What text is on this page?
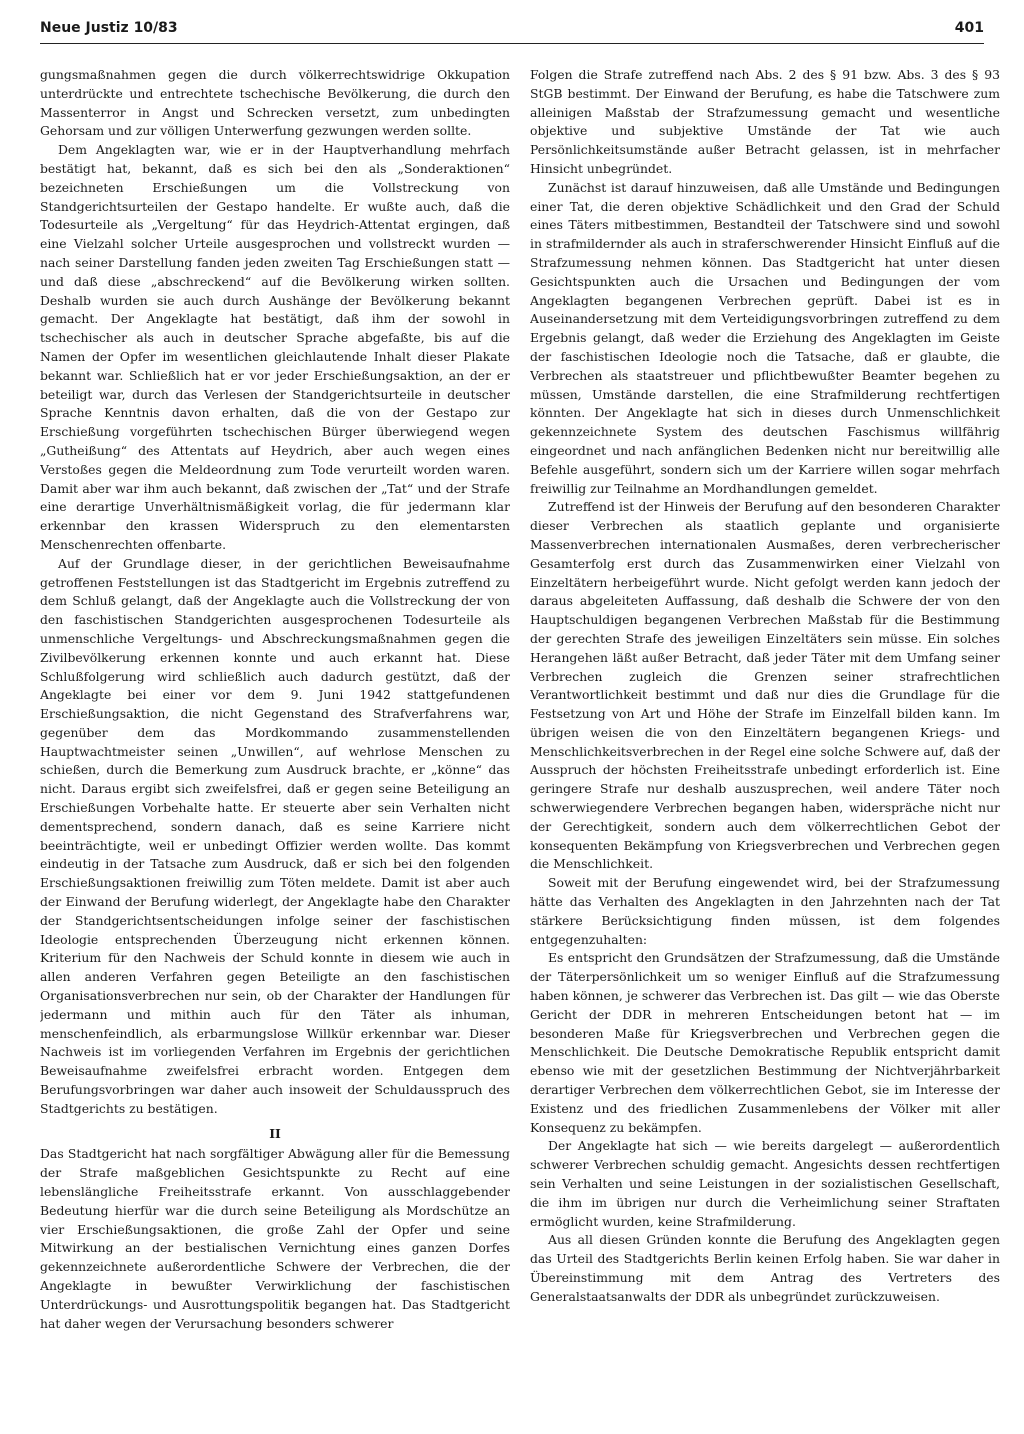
Neue Justiz 10/83	401

gungsmaßnahmen gegen die durch völkerrechtswidrige Okkupation unterdrückte und entrechtete tschechische Bevölkerung, die durch den Massenterror in Angst und Schrecken versetzt, zum unbedingten Gehorsam und zur völligen Unterwerfung gezwungen werden sollte.

Dem Angeklagten war, wie er in der Hauptverhandlung mehrfach bestätigt hat, bekannt, daß es sich bei den als „Sonderaktionen“ bezeichneten Erschießungen um die Vollstreckung von Standgerichtsurteilen der Gestapo handelte. Er wußte auch, daß die Todesurteile als „Vergeltung“ für das Heydrich-Attentat ergingen, daß eine Vielzahl solcher Urteile ausgesprochen und vollstreckt wurden — nach seiner Darstellung fanden jeden zweiten Tag Erschießungen statt — und daß diese „abschreckend“ auf die Bevölkerung wirken sollten. Deshalb wurden sie auch durch Aushänge der Bevölkerung bekannt gemacht. Der Angeklagte hat bestätigt, daß ihm der sowohl in tschechischer als auch in deutscher Sprache abgefaßte, bis auf die Namen der Opfer im wesentlichen gleichlautende Inhalt dieser Plakate bekannt war. Schließlich hat er vor jeder Erschießungsaktion, an der er beteiligt war, durch das Verlesen der Standgerichtsurteile in deutscher Sprache Kenntnis davon erhalten, daß die von der Gestapo zur Erschießung vorgeführten tschechischen Bürger überwiegend wegen „Gutheißung“ des Attentats auf Heydrich, aber auch wegen eines Verstoßes gegen die Meldeordnung zum Tode verurteilt worden waren. Damit aber war ihm auch bekannt, daß zwischen der „Tat“ und der Strafe eine derartige Unverhältnismäßigkeit vorlag, die für jedermann klar erkennbar den krassen Widerspruch zu den elementarsten Menschenrechten offenbarte.

Auf der Grundlage dieser, in der gerichtlichen Beweisaufnahme getroffenen Feststellungen ist das Stadtgericht im Ergebnis zutreffend zu dem Schluß gelangt, daß der Angeklagte auch die Vollstreckung der von den faschistischen Standgerichten ausgesprochenen Todesurteile als unmenschliche Vergeltungs- und Abschreckungsmaßnahmen gegen die Zivilbevölkerung erkennen konnte und auch erkannt hat. Diese Schlußfolgerung wird schließlich auch dadurch gestützt, daß der Angeklagte bei einer vor dem 9. Juni 1942 stattgefundenen Erschießungsaktion, die nicht Gegenstand des Strafverfahrens war, gegenüber dem das Mordkommando zusammenstellenden Hauptwachtmeister seinen „Unwillen“, auf wehrlose Menschen zu schießen, durch die Bemerkung zum Ausdruck brachte, er „könne“ das nicht. Daraus ergibt sich zweifelsfrei, daß er gegen seine Beteiligung an Erschießungen Vorbehalte hatte. Er steuerte aber sein Verhalten nicht dementsprechend, sondern danach, daß es seine Karriere nicht beeinträchtigte, weil er unbedingt Offizier werden wollte. Das kommt eindeutig in der Tatsache zum Ausdruck, daß er sich bei den folgenden Erschießungsaktionen freiwillig zum Töten meldete. Damit ist aber auch der Einwand der Berufung widerlegt, der Angeklagte habe den Charakter der Standgerichtsentscheidungen infolge seiner der faschistischen Ideologie entsprechenden Überzeugung nicht erkennen können. Kriterium für den Nachweis der Schuld konnte in diesem wie auch in allen anderen Verfahren gegen Beteiligte an den faschistischen Organisationsverbrechen nur sein, ob der Charakter der Handlungen für jedermann und mithin auch für den Täter als inhuman, menschenfeindlich, als erbarmungslose Willkür erkennbar war. Dieser Nachweis ist im vorliegenden Verfahren im Ergebnis der gerichtlichen Beweisaufnahme zweifelsfrei erbracht worden. Entgegen dem Berufungsvorbringen war daher auch insoweit der Schuldausspruch des Stadtgerichts zu bestätigen.

II

Das Stadtgericht hat nach sorgfältiger Abwägung aller für die Bemessung der Strafe maßgeblichen Gesichtspunkte zu Recht auf eine lebenslängliche Freiheitsstrafe erkannt. Von ausschlaggebender Bedeutung hierfür war die durch seine Beteiligung als Mordschütze an vier Erschießungsaktionen, die große Zahl der Opfer und seine Mitwirkung an der bestialischen Vernichtung eines ganzen Dorfes gekennzeichnete außerordentliche Schwere der Verbrechen, die der Angeklagte in bewußter Verwirklichung der faschistischen Unterdrückungs- und Ausrottungspolitik begangen hat. Das Stadtgericht hat daher wegen der Verursachung besonders schwerer

Folgen die Strafe zutreffend nach Abs. 2 des § 91 bzw. Abs. 3 des § 93 StGB bestimmt. Der Einwand der Berufung, es habe die Tatschwere zum alleinigen Maßstab der Strafzumessung gemacht und wesentliche objektive und subjektive Umstände der Tat wie auch Persönlichkeitsumstände außer Betracht gelassen, ist in mehrfacher Hinsicht unbegründet.

Zunächst ist darauf hinzuweisen, daß alle Umstände und Bedingungen einer Tat, die deren objektive Schädlichkeit und den Grad der Schuld eines Täters mitbestimmen, Bestandteil der Tatschwere sind und sowohl in strafmildernder als auch in straferschwerender Hinsicht Einfluß auf die Strafzumessung nehmen können. Das Stadtgericht hat unter diesen Gesichtspunkten auch die Ursachen und Bedingungen der vom Angeklagten begangenen Verbrechen geprüft. Dabei ist es in Auseinandersetzung mit dem Verteidigungsvorbringen zutreffend zu dem Ergebnis gelangt, daß weder die Erziehung des Angeklagten im Geiste der faschistischen Ideologie noch die Tatsache, daß er glaubte, die Verbrechen als staatstreuer und pflichtbewußter Beamter begehen zu müssen, Umstände darstellen, die eine Strafmilderung rechtfertigen könnten. Der Angeklagte hat sich in dieses durch Unmenschlichkeit gekennzeichnete System des deutschen Faschismus willfährig eingeordnet und nach anfänglichen Bedenken nicht nur bereitwillig alle Befehle ausgeführt, sondern sich um der Karriere willen sogar mehrfach freiwillig zur Teilnahme an Mordhandlungen gemeldet.

Zutreffend ist der Hinweis der Berufung auf den besonderen Charakter dieser Verbrechen als staatlich geplante und organisierte Massenverbrechen internationalen Ausmaßes, deren verbrecherischer Gesamterfolg erst durch das Zusammenwirken einer Vielzahl von Einzeltätern herbeigeführt wurde. Nicht gefolgt werden kann jedoch der daraus abgeleiteten Auffassung, daß deshalb die Schwere der von den Hauptschuldigen begangenen Verbrechen Maßstab für die Bestimmung der gerechten Strafe des jeweiligen Einzeltäters sein müsse. Ein solches Herangehen läßt außer Betracht, daß jeder Täter mit dem Umfang seiner Verbrechen zugleich die Grenzen seiner strafrechtlichen Verantwortlichkeit bestimmt und daß nur dies die Grundlage für die Festsetzung von Art und Höhe der Strafe im Einzelfall bilden kann. Im übrigen weisen die von den Einzeltätern begangenen Kriegs- und Menschlichkeitsverbrechen in der Regel eine solche Schwere auf, daß der Ausspruch der höchsten Freiheitsstrafe unbedingt erforderlich ist. Eine geringere Strafe nur deshalb auszusprechen, weil andere Täter noch schwerwiegendere Verbrechen begangen haben, widerspräche nicht nur der Gerechtigkeit, sondern auch dem völkerrechtlichen Gebot der konsequenten Bekämpfung von Kriegsverbrechen und Verbrechen gegen die Menschlichkeit.

Soweit mit der Berufung eingewendet wird, bei der Strafzumessung hätte das Verhalten des Angeklagten in den Jahrzehnten nach der Tat stärkere Berücksichtigung finden müssen, ist dem folgendes entgegenzuhalten:

Es entspricht den Grundsätzen der Strafzumessung, daß die Umstände der Täterpersönlichkeit um so weniger Einfluß auf die Strafzumessung haben können, je schwerer das Verbrechen ist. Das gilt — wie das Oberste Gericht der DDR in mehreren Entscheidungen betont hat — im besonderen Maße für Kriegsverbrechen und Verbrechen gegen die Menschlichkeit. Die Deutsche Demokratische Republik entspricht damit ebenso wie mit der gesetzlichen Bestimmung der Nichtverjährbarkeit derartiger Verbrechen dem völkerrechtlichen Gebot, sie im Interesse der Existenz und des friedlichen Zusammenlebens der Völker mit aller Konsequenz zu bekämpfen.

Der Angeklagte hat sich — wie bereits dargelegt — außerordentlich schwerer Verbrechen schuldig gemacht. Angesichts dessen rechtfertigen sein Verhalten und seine Leistungen in der sozialistischen Gesellschaft, die ihm im übrigen nur durch die Verheimlichung seiner Straftaten ermöglicht wurden, keine Strafmilderung.

Aus all diesen Gründen konnte die Berufung des Angeklagten gegen das Urteil des Stadtgerichts Berlin keinen Erfolg haben. Sie war daher in Übereinstimmung mit dem Antrag des Vertreters des Generalstaatsanwalts der DDR als unbegründet zurückzuweisen.
